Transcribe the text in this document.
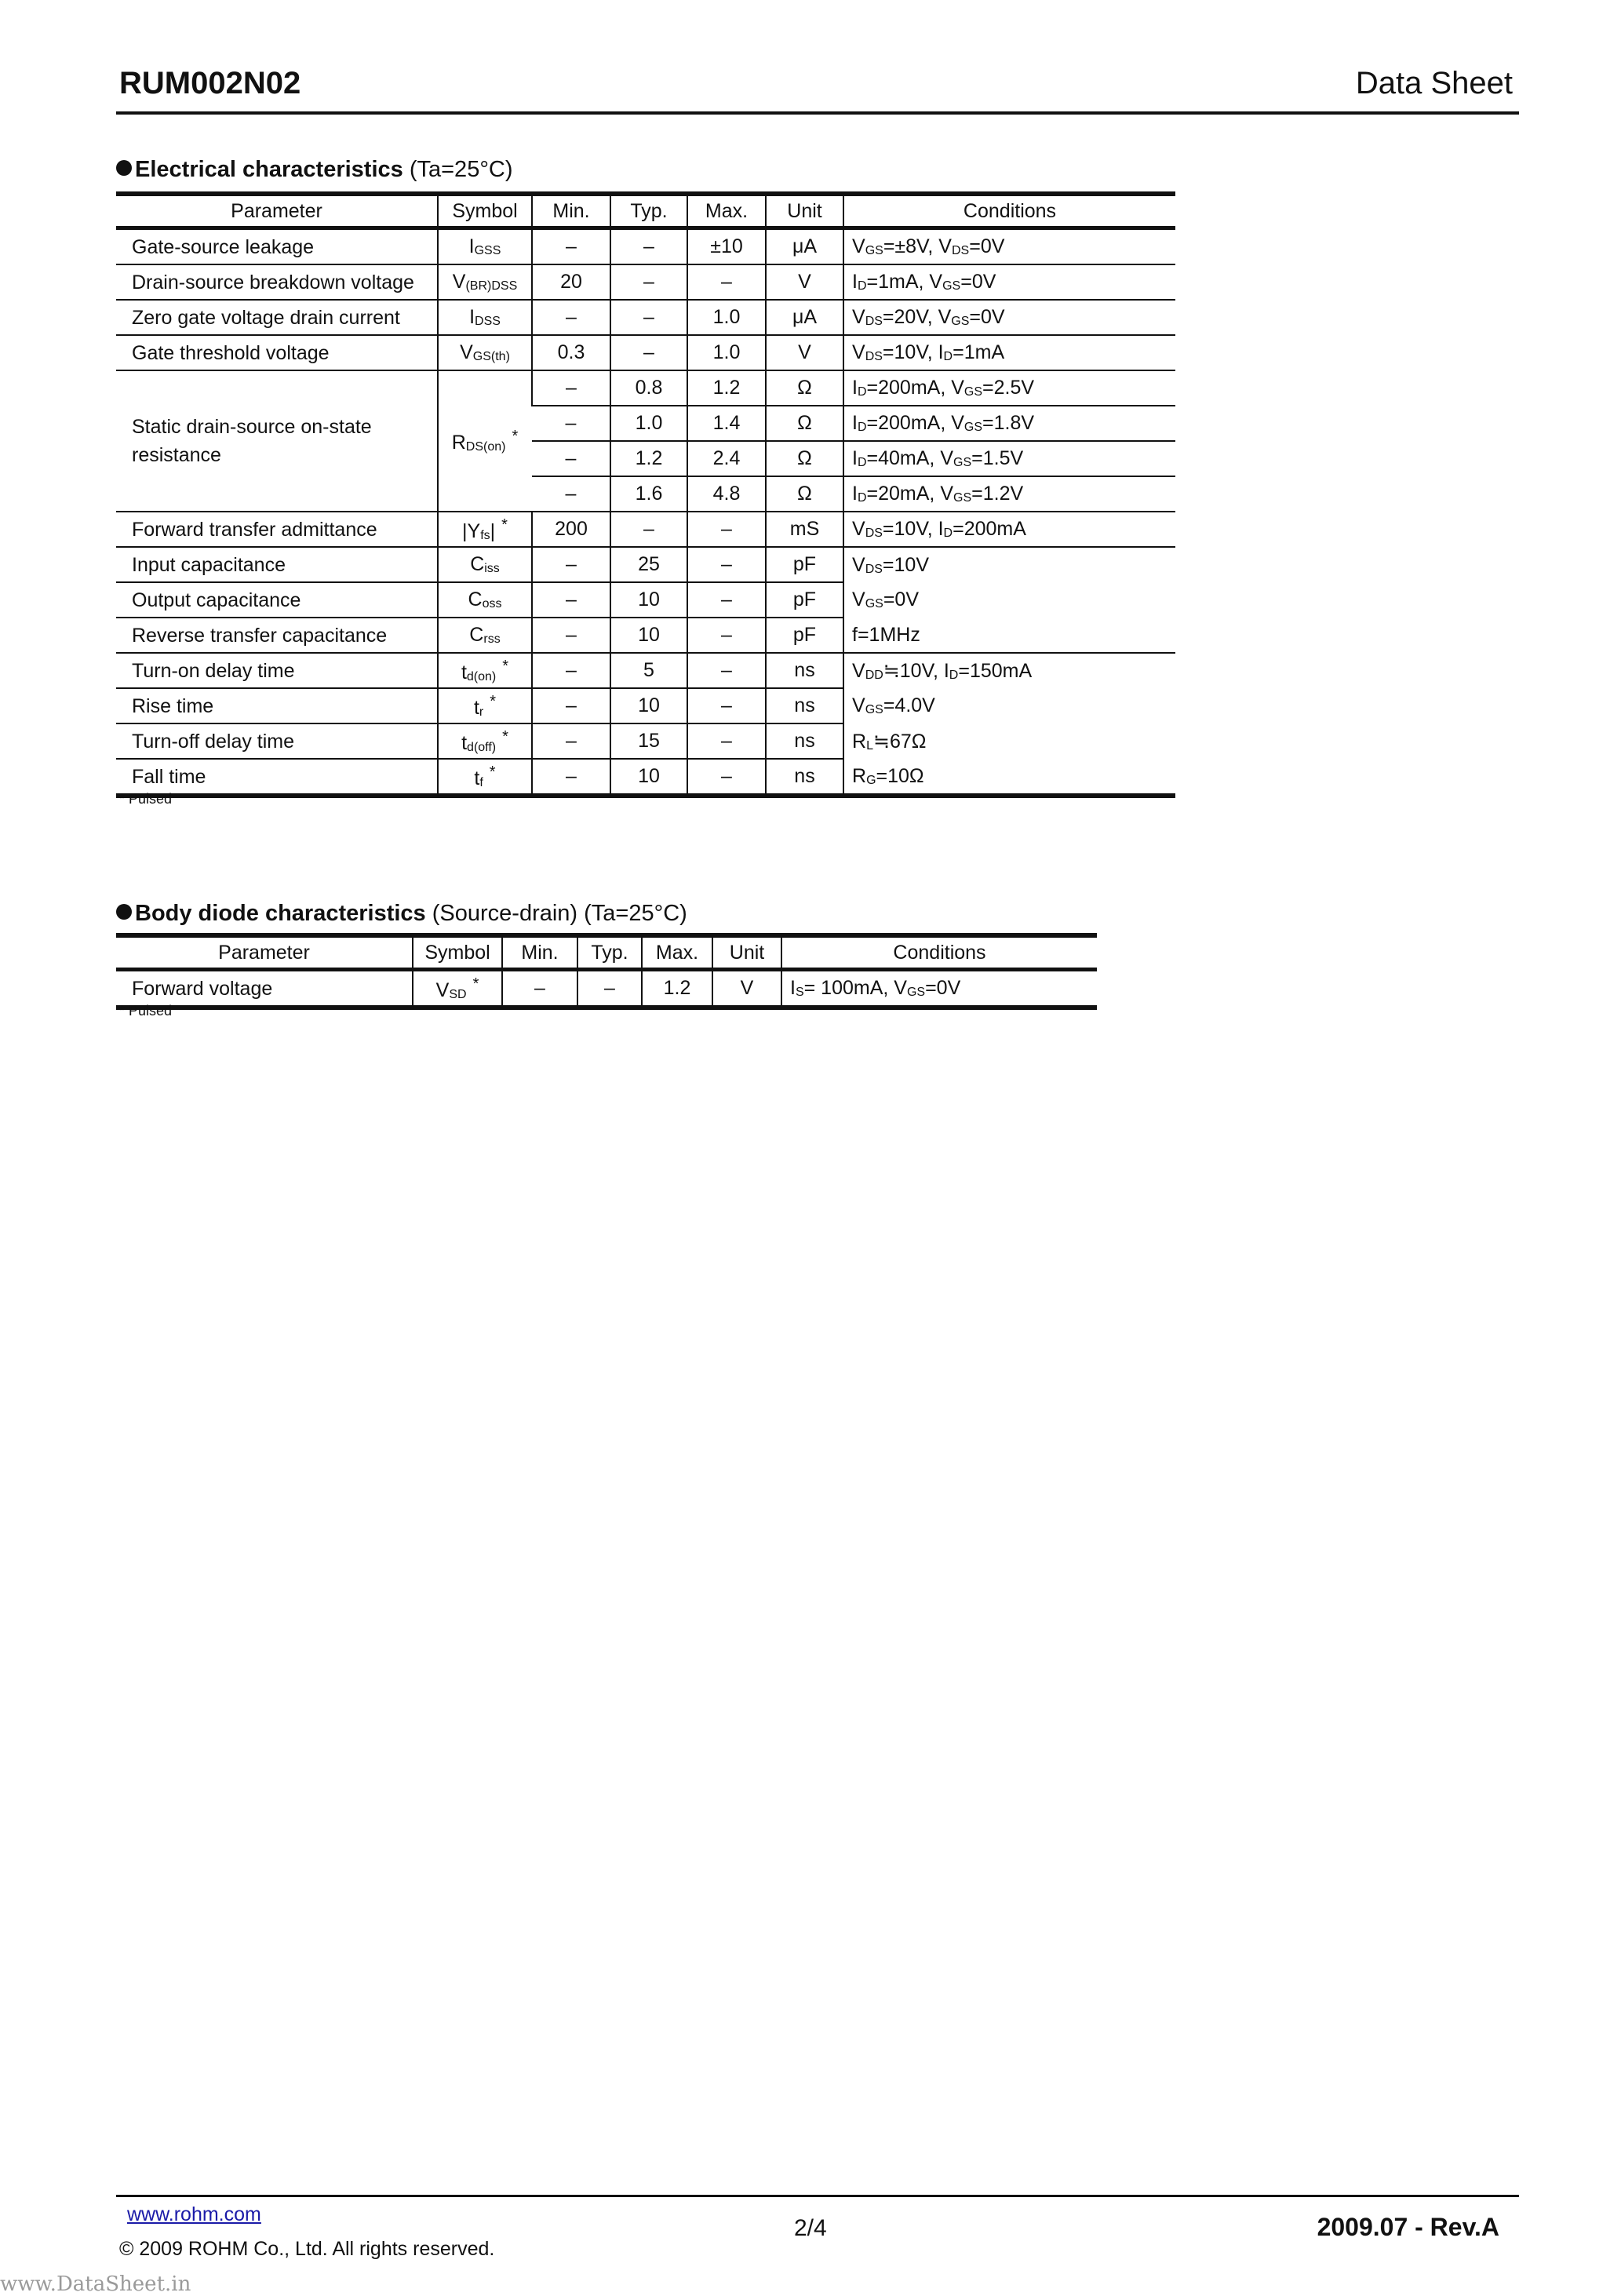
RUM002N02	Data Sheet
Electrical characteristics (Ta=25°C)
Parameter	Symbol	Min.	Typ.	Max.	Unit	Conditions
Gate-source leakage	$I_{GSS}$	–	–	±10	μA	$V_{GS}=\pm 8V$, $V_{DS}=0V$
Drain-source breakdown voltage	$V_{(BR)DSS}$	20	–	–	V	$I_D=1mA$, $V_{GS}=0V$
Zero gate voltage drain current	$I_{DSS}$	–	–	1.0	μA	$V_{DS}=20V$, $V_{GS}=0V$
Gate threshold voltage	$V_{GS(th)}$	0.3	–	1.0	V	$V_{DS}=10V$, $I_D=1mA$
Static drain-source on-state resistance	$R_{DS(on)}^*$	–	0.8	1.2	Ω	$I_D=200mA$, $V_{GS}=2.5V$
		–	1.0	1.4	Ω	$I_D=200mA$, $V_{GS}=1.8V$
		–	1.2	2.4	Ω	$I_D=40mA$, $V_{GS}=1.5V$
		–	1.6	4.8	Ω	$I_D=20mA$, $V_{GS}=1.2V$
Forward transfer admittance	$|Y_{fs}|$ *	200	–	–	mS	$V_{DS}=10V$, $I_D=200mA$
Input capacitance	$C_{iss}$	–	25	–	pF	$V_{DS}=10V$
Output capacitance	$C_{oss}$	–	10	–	pF	$V_{GS}=0V$
Reverse transfer capacitance	$C_{rss}$	–	10	–	pF	f=1MHz
Turn-on delay time	$t_{d(on)}^*$	–	5	–	ns	$V_{DD}≒10V$, $I_D=150mA$
Rise time	$t_r^*$	–	10	–	ns	$V_{GS}=4.0V$
Turn-off delay time	$t_{d(off)}^*$	–	15	–	ns	$R_L≒67\Omega$
Fall time	$t_f^*$	–	10	–	ns	$R_G=10\Omega$
* Pulsed
Body diode characteristics (Source-drain) (Ta=25°C)
Parameter	Symbol	Min.	Typ.	Max.	Unit	Conditions
Forward voltage	$V_{SD}^*$	–	–	1.2	V	$I_S= 100mA$, $V_{GS}=0V$
* Pulsed
www.rohm.com
© 2009 ROHM Co., Ltd. All rights reserved.
2/4	2009.07 - Rev.A
www.DataSheet.in
